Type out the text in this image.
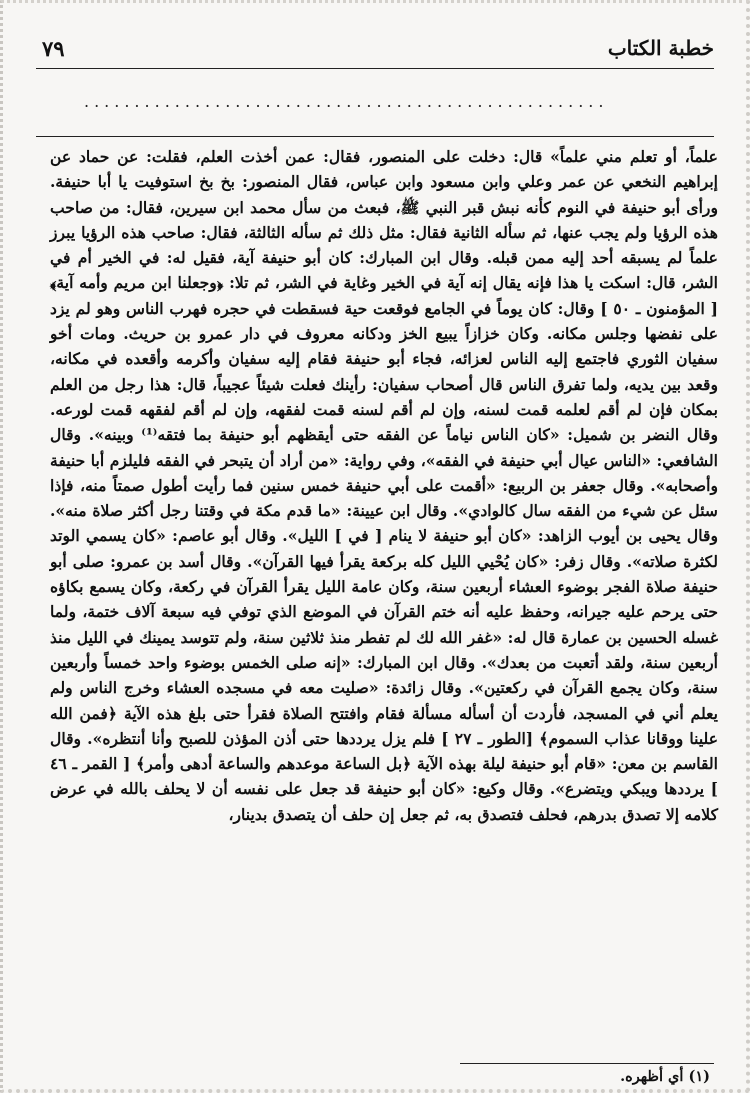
٧٩	خطبة الكتاب
....................................................

علماً، أو تعلم مني علماً» قال: دخلت على المنصور، فقال: عمن أخذت العلم، فقلت: عن حماد عن إبراهيم النخعي عن عمر وعلي وابن مسعود وابن عباس، فقال المنصور: بخ بخ استوفيت يا أبا حنيفة. ورأى أبو حنيفة في النوم كأنه نبش قبر النبي ﷺ، فبعث من سأل محمد ابن سيرين، فقال: من صاحب هذه الرؤيا ولم يجب عنها، ثم سأله الثانية فقال: مثل ذلك ثم سأله الثالثة، فقال: صاحب هذه الرؤيا يبرز علماً لم يسبقه أحد إليه ممن قبله. وقال ابن المبارك: كان أبو حنيفة آية، فقيل له: في الخير أم في الشر، قال: اسكت يا هذا فإنه يقال إنه آية في الخير وغاية في الشر، ثم تلا: ﴿وجعلنا ابن مريم وأمه آية﴾ [ المؤمنون ـ ٥٠ ] وقال: كان يوماً في الجامع فوقعت حية فسقطت في حجره فهرب الناس وهو لم يزد على نفضها وجلس مكانه. وكان خزازاً يبيع الخز ودكانه معروف في دار عمرو بن حريث. ومات أخو سفيان الثوري فاجتمع إليه الناس لعزائه، فجاء أبو حنيفة فقام إليه سفيان وأكرمه وأقعده في مكانه، وقعد بين يديه، ولما تفرق الناس قال أصحاب سفيان: رأينك فعلت شيئاً عجيباً، قال: هذا رجل من العلم بمكان فإن لم أقم لعلمه قمت لسنه، وإن لم أقم لسنه قمت لفقهه، وإن لم أقم لفقهه قمت لورعه. وقال النضر بن شميل: «كان الناس نياماً عن الفقه حتى أيقظهم أبو حنيفة بما فتقه⁽¹⁾ وبينه». وقال الشافعي: «الناس عيال أبي حنيفة في الفقه»، وفي رواية: «من أراد أن يتبحر في الفقه فليلزم أبا حنيفة وأصحابه». وقال جعفر بن الربيع: «أقمت على أبي حنيفة خمس سنين فما رأيت أطول صمتاً منه، فإذا سئل عن شيء من الفقه سال كالوادي». وقال ابن عيينة: «ما قدم مكة في وقتنا رجل أكثر صلاة منه». وقال يحيى بن أيوب الزاهد: «كان أبو حنيفة لا ينام [ في ] الليل». وقال أبو عاصم: «كان يسمي الوتد لكثرة صلاته». وقال زفر: «كان يُحْيي الليل كله بركعة يقرأ فيها القرآن». وقال أسد بن عمرو: صلى أبو حنيفة صلاة الفجر بوضوء العشاء أربعين سنة، وكان عامة الليل يقرأ القرآن في ركعة، وكان يسمع بكاؤه حتى يرحم عليه جيرانه، وحفظ عليه أنه ختم القرآن في الموضع الذي توفي فيه سبعة آلاف ختمة، ولما غسله الحسين بن عمارة قال له: «غفر الله لك لم تفطر منذ ثلاثين سنة، ولم تتوسد يمينك في الليل منذ أربعين سنة، ولقد أتعبت من بعدك». وقال ابن المبارك: «إنه صلى الخمس بوضوء واحد خمساً وأربعين سنة، وكان يجمع القرآن في ركعتين». وقال زائدة: «صليت معه في مسجده العشاء وخرج الناس ولم يعلم أني في المسجد، فأردت أن أسأله مسألة فقام وافتتح الصلاة فقرأ حتى بلغ هذه الآية ﴿فمن الله علينا ووقانا عذاب السموم﴾ [الطور ـ ٢٧ ] فلم يزل يرددها حتى أذن المؤذن للصبح وأنا أنتظره». وقال القاسم بن معن: «قام أبو حنيفة ليلة بهذه الآية ﴿بل الساعة موعدهم والساعة أدهى وأمر﴾ [ القمر ـ ٤٦ ] يرددها ويبكي ويتضرع». وقال وكيع: «كان أبو حنيفة قد جعل على نفسه أن لا يحلف بالله في عرض كلامه إلا تصدق بدرهم، فحلف فتصدق به، ثم جعل إن حلف أن يتصدق بدينار،

(١) أي أظهره.
